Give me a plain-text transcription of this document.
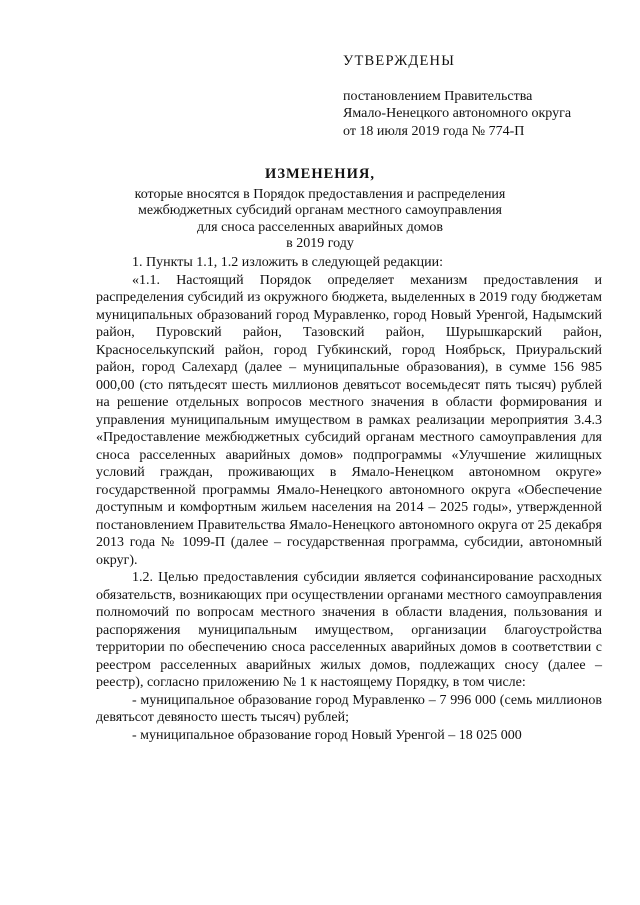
УТВЕРЖДЕНЫ
постановлением Правительства
Ямало-Ненецкого автономного округа
от 18 июля 2019 года № 774-П
ИЗМЕНЕНИЯ,
которые вносятся в Порядок предоставления и распределения
межбюджетных субсидий органам местного самоуправления
для сноса расселенных аварийных домов
в 2019 году

1. Пункты 1.1, 1.2 изложить в следующей редакции:

«1.1. Настоящий Порядок определяет механизм предоставления и распределения субсидий из окружного бюджета, выделенных в 2019 году бюджетам муниципальных образований город Муравленко, город Новый Уренгой, Надымский район, Пуровский район, Тазовский район, Шурышкарский район, Красноселькупский район, город Губкинский, город Ноябрьск, Приуральский район, город Салехард (далее – муниципальные образования), в сумме 156 985 000,00 (сто пятьдесят шесть миллионов девятьсот восемьдесят пять тысяч) рублей на решение отдельных вопросов местного значения в области формирования и управления муниципальным имуществом в рамках реализации мероприятия 3.4.3 «Предоставление межбюджетных субсидий органам местного самоуправления для сноса расселенных аварийных домов» подпрограммы «Улучшение жилищных условий граждан, проживающих в Ямало-Ненецком автономном округе» государственной программы Ямало-Ненецкого автономного округа «Обеспечение доступным и комфортным жильем населения на 2014 – 2025 годы», утвержденной постановлением Правительства Ямало-Ненецкого автономного округа от 25 декабря 2013 года № 1099-П (далее – государственная программа, субсидии, автономный округ).

1.2. Целью предоставления субсидии является софинансирование расходных обязательств, возникающих при осуществлении органами местного самоуправления полномочий по вопросам местного значения в области владения, пользования и распоряжения муниципальным имуществом, организации благоустройства территории по обеспечению сноса расселенных аварийных домов в соответствии с реестром расселенных аварийных жилых домов, подлежащих сносу (далее – реестр), согласно приложению № 1 к настоящему Порядку, в том числе:

- муниципальное образование город Муравленко – 7 996 000 (семь миллионов девятьсот девяносто шесть тысяч) рублей;

- муниципальное образование город Новый Уренгой – 18 025 000
